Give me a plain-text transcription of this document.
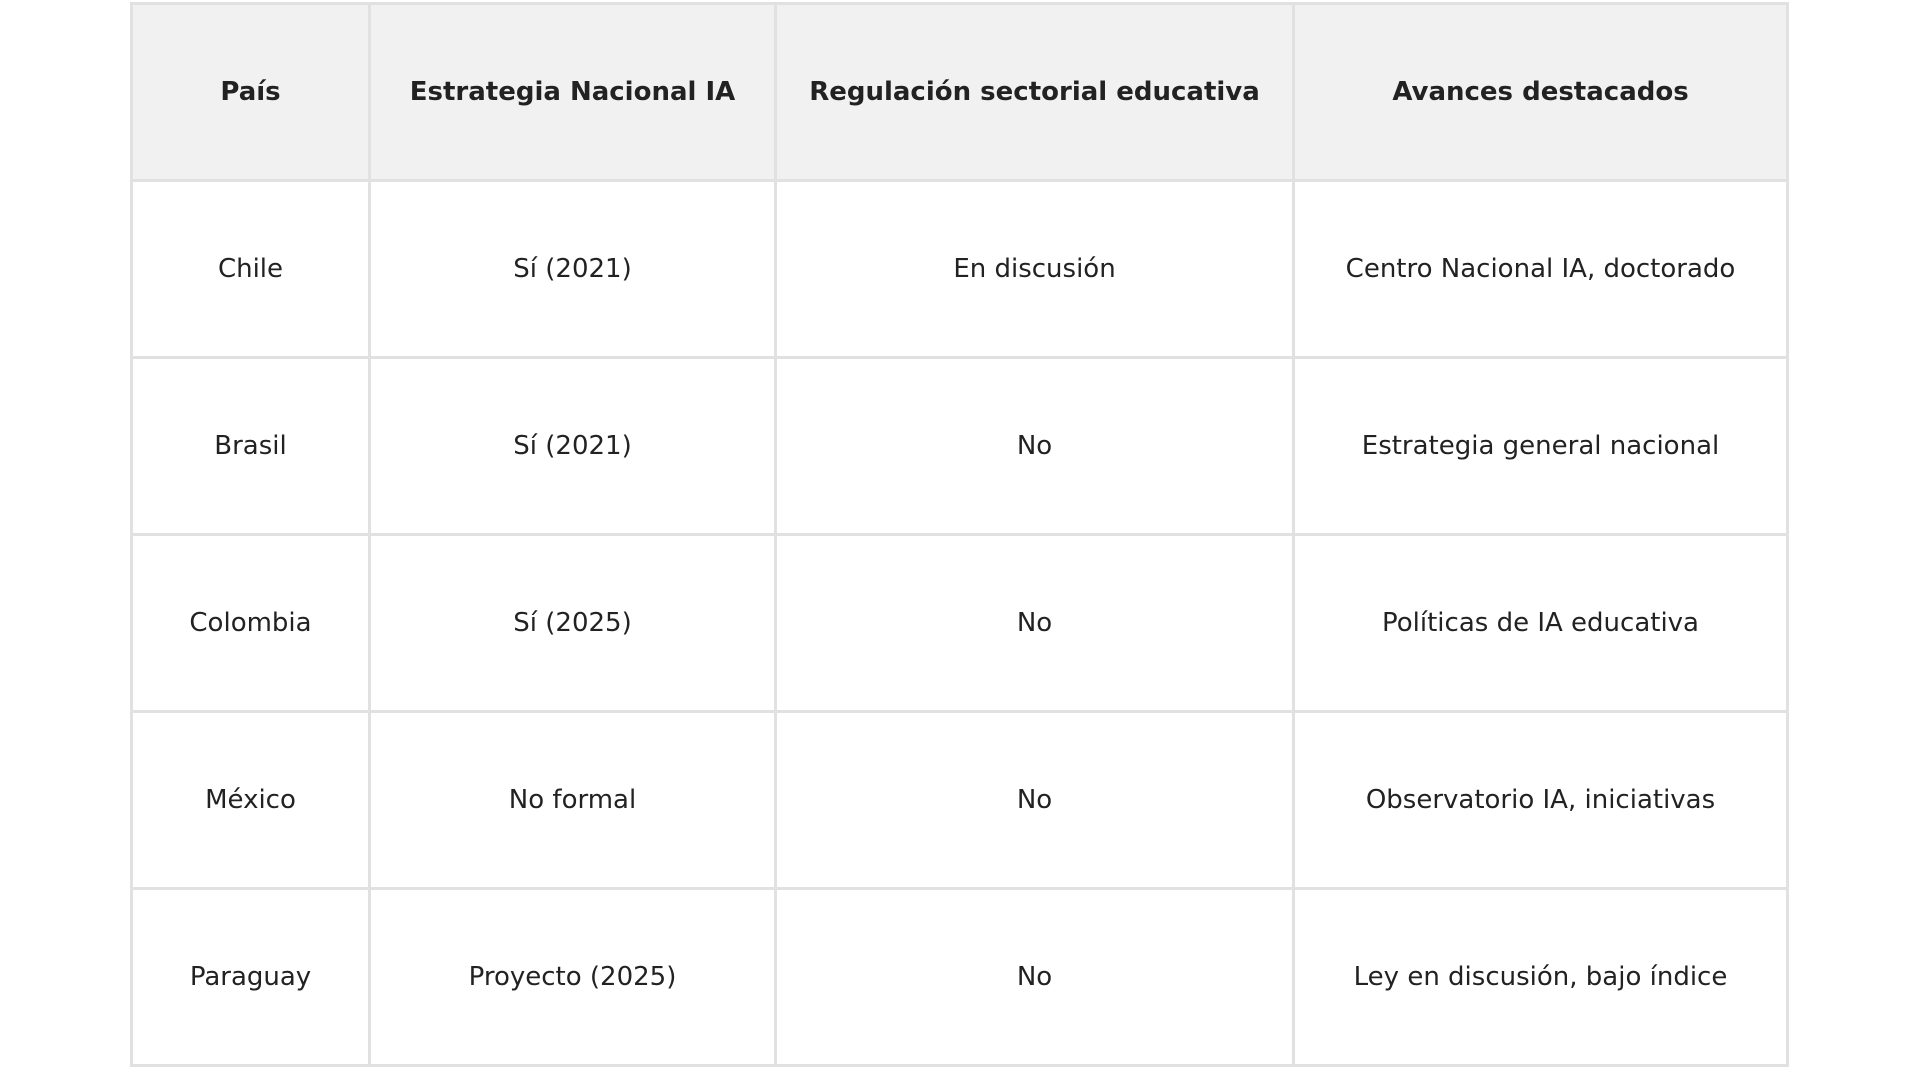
País	Estrategia Nacional IA	Regulación sectorial educativa	Avances destacados
Chile	Sí (2021)	En discusión	Centro Nacional IA, doctorado
Brasil	Sí (2021)	No	Estrategia general nacional
Colombia	Sí (2025)	No	Políticas de IA educativa
México	No formal	No	Observatorio IA, iniciativas
Paraguay	Proyecto (2025)	No	Ley en discusión, bajo índice
